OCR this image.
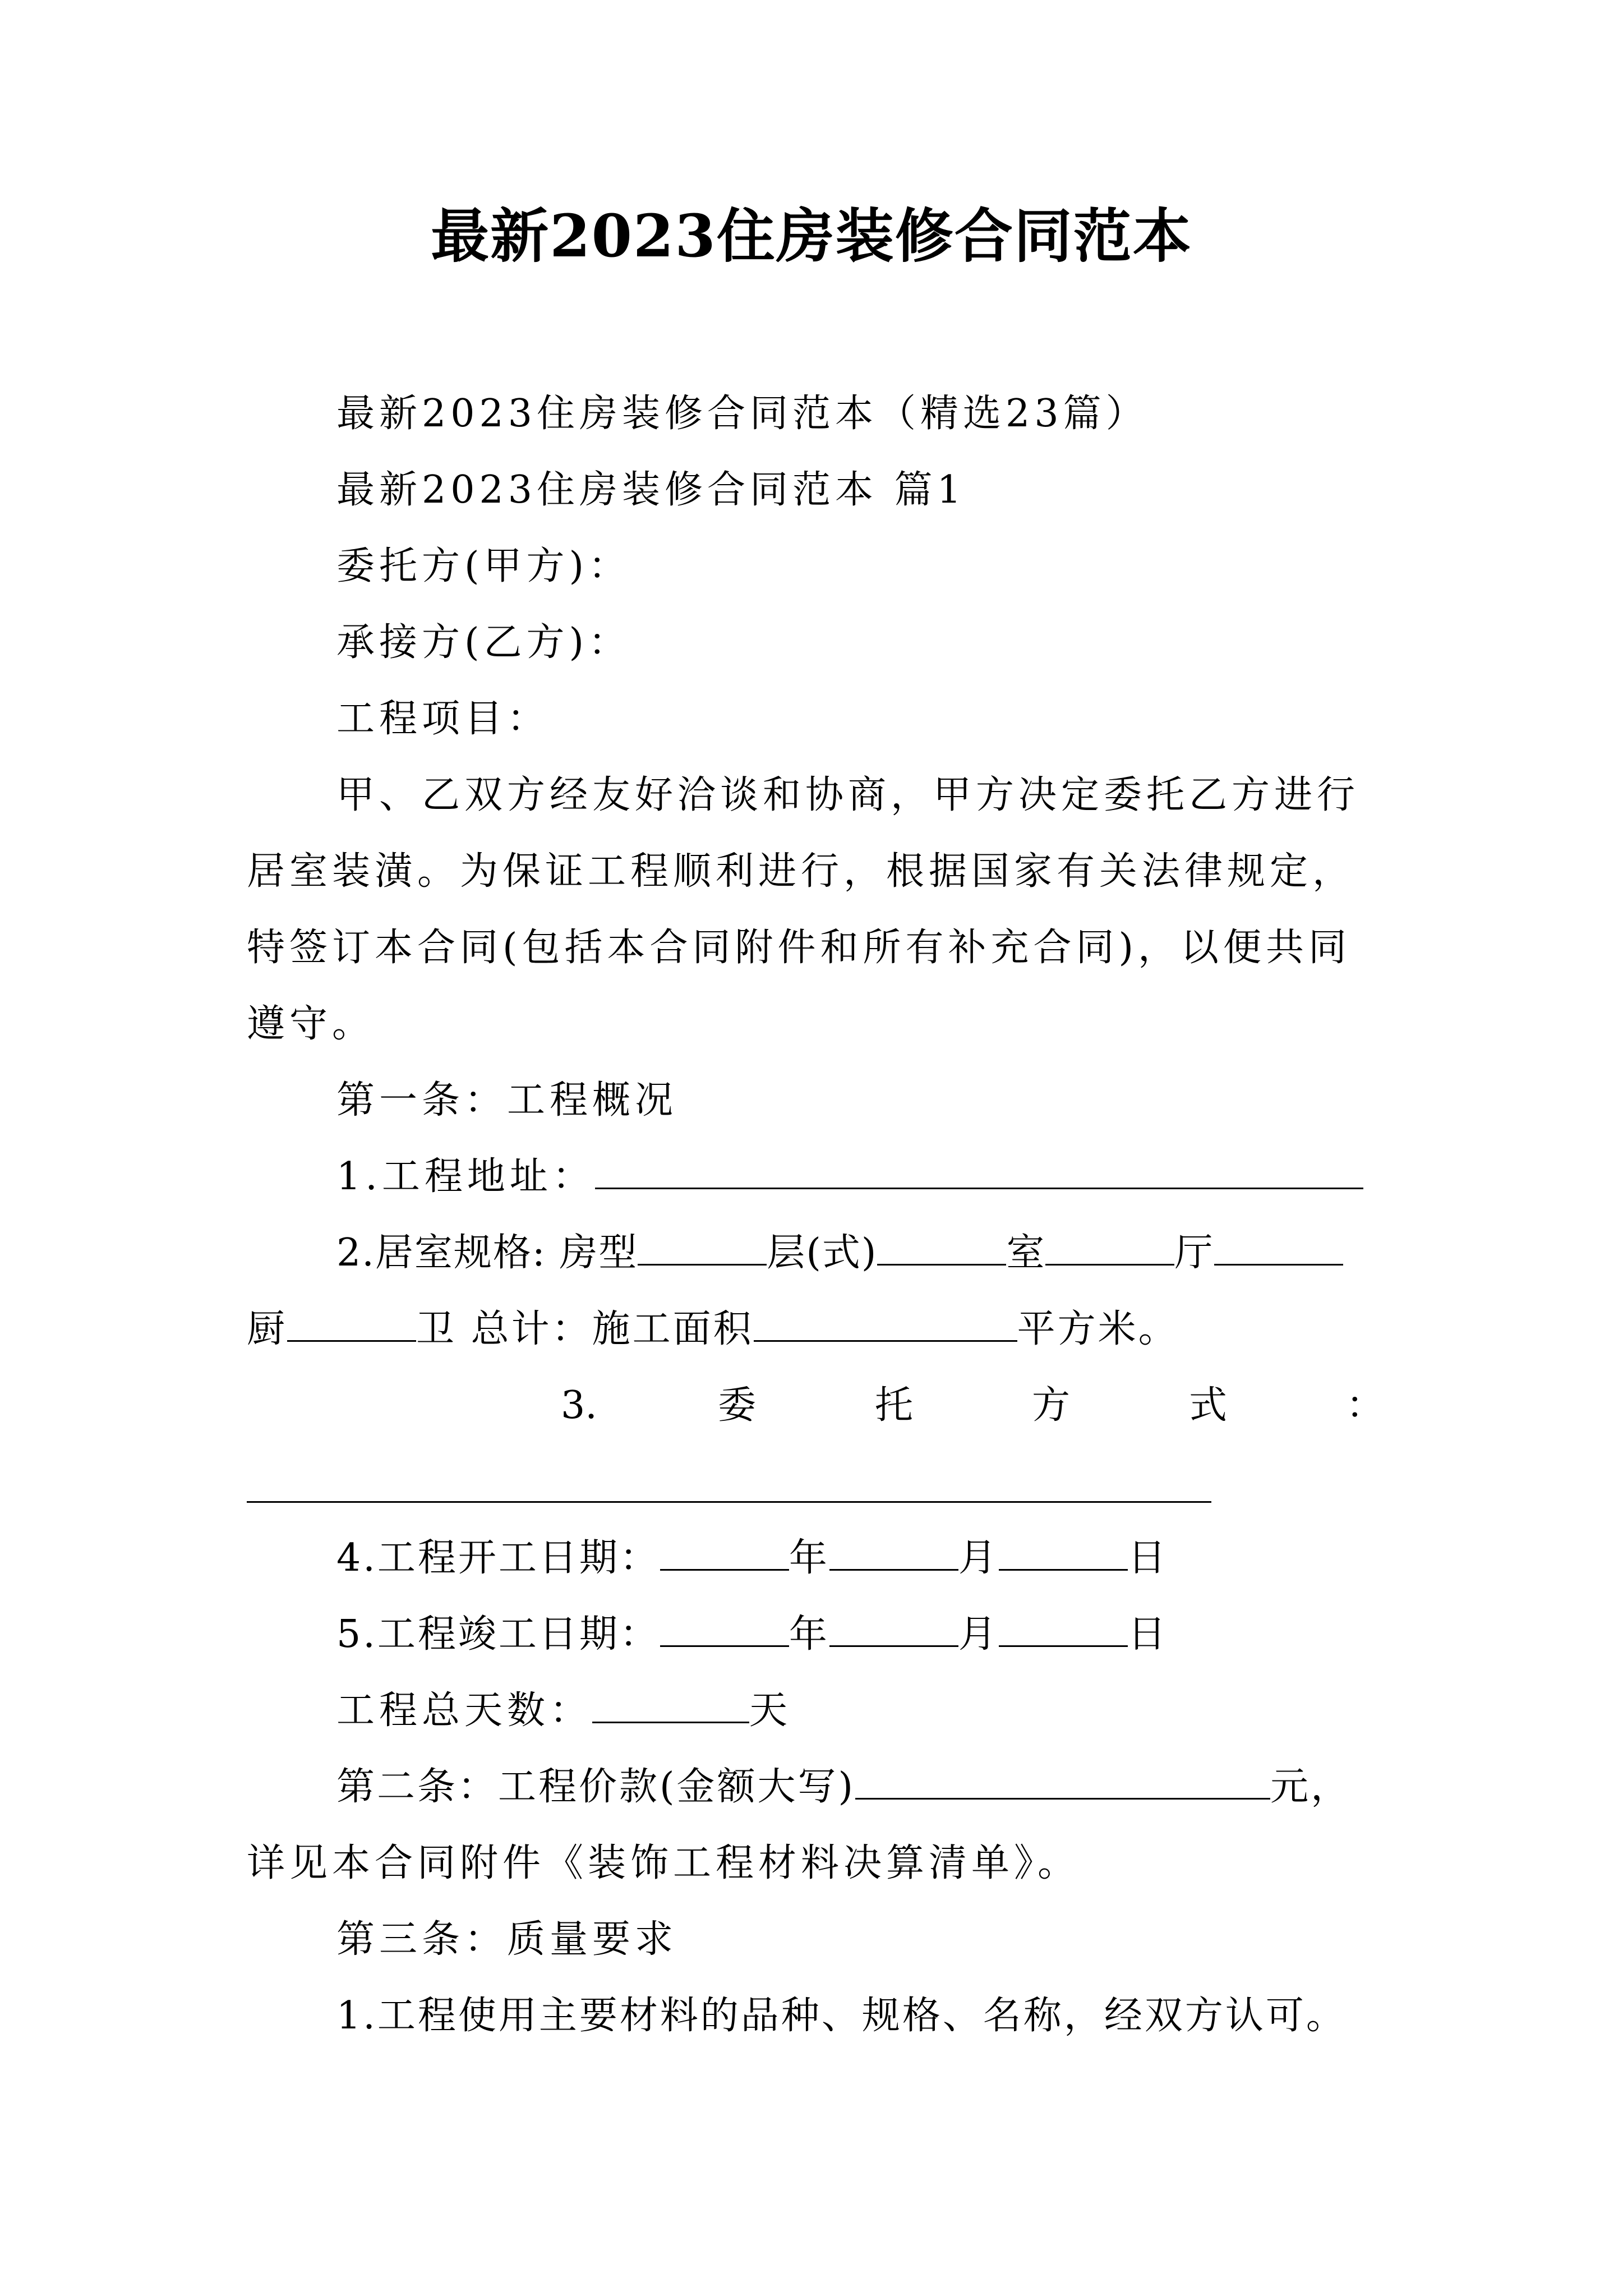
最新2023住房装修合同范本
最新2023住房装修合同范本（精选23篇）
最新2023住房装修合同范本 篇1
委托方(甲方)：
承接方(乙方)：
工程项目：
甲、乙双方经友好洽谈和协商，甲方决定委托乙方进行
居室装潢。为保证工程顺利进行，根据国家有关法律规定，
特签订本合同(包括本合同附件和所有补充合同)，以便共同
遵守。
第一条：工程概况
1.工程地址：
2.居室规格: 房型	层(式)	室	厅
厨	卫 总计：施工面积	平方米。
3.	委	托	方	式	：
4.工程开工日期：	年	月	日
5.工程竣工日期：	年	月	日
工程总天数：	天
第二条：工程价款(金额大写)	元，
详见本合同附件《装饰工程材料决算清单》。
第三条：质量要求
1.工程使用主要材料的品种、规格、名称，经双方认可。
